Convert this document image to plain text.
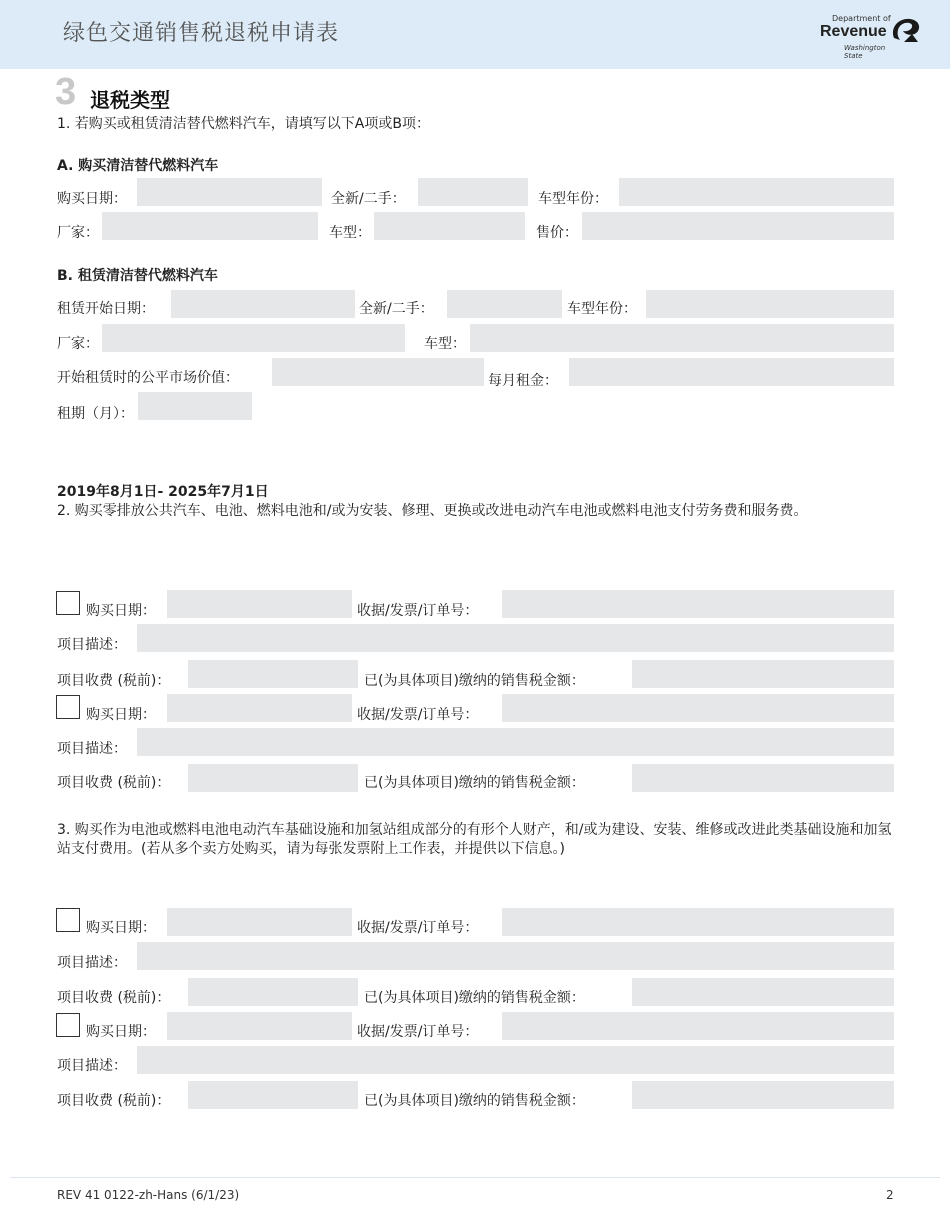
绿色交通销售税退税申请表
Department of
Revenue
Washington State
3 退税类型
1. 若购买或租赁清洁替代燃料汽车，请填写以下A项或B项：
A. 购买清洁替代燃料汽车
购买日期：	全新/二手：	车型年份：
厂家：	车型：	售价：
B. 租赁清洁替代燃料汽车
租赁开始日期：	全新/二手：	车型年份：
厂家：	车型：
开始租赁时的公平市场价值：	每月租金：
租期（月）：
2019年8月1日- 2025年7月1日
2. 购买零排放公共汽车、电池、燃料电池和/或为安装、修理、更换或改进电动汽车电池或燃料电池支付劳务费和服务费。
购买日期：	收据/发票/订单号：
项目描述：
项目收费 (税前)：	已(为具体项目)缴纳的销售税金额：
购买日期：	收据/发票/订单号：
项目描述：
项目收费 (税前)：	已(为具体项目)缴纳的销售税金额：
3. 购买作为电池或燃料电池电动汽车基础设施和加氢站组成部分的有形个人财产，和/或为建设、安装、维修或改进此类基础设施和加氢站支付费用。(若从多个卖方处购买，请为每张发票附上工作表，并提供以下信息。)
购买日期：	收据/发票/订单号：
项目描述：
项目收费 (税前)：	已(为具体项目)缴纳的销售税金额：
购买日期：	收据/发票/订单号：
项目描述：
项目收费 (税前)：	已(为具体项目)缴纳的销售税金额：
REV 41 0122-zh-Hans (6/1/23)	2
